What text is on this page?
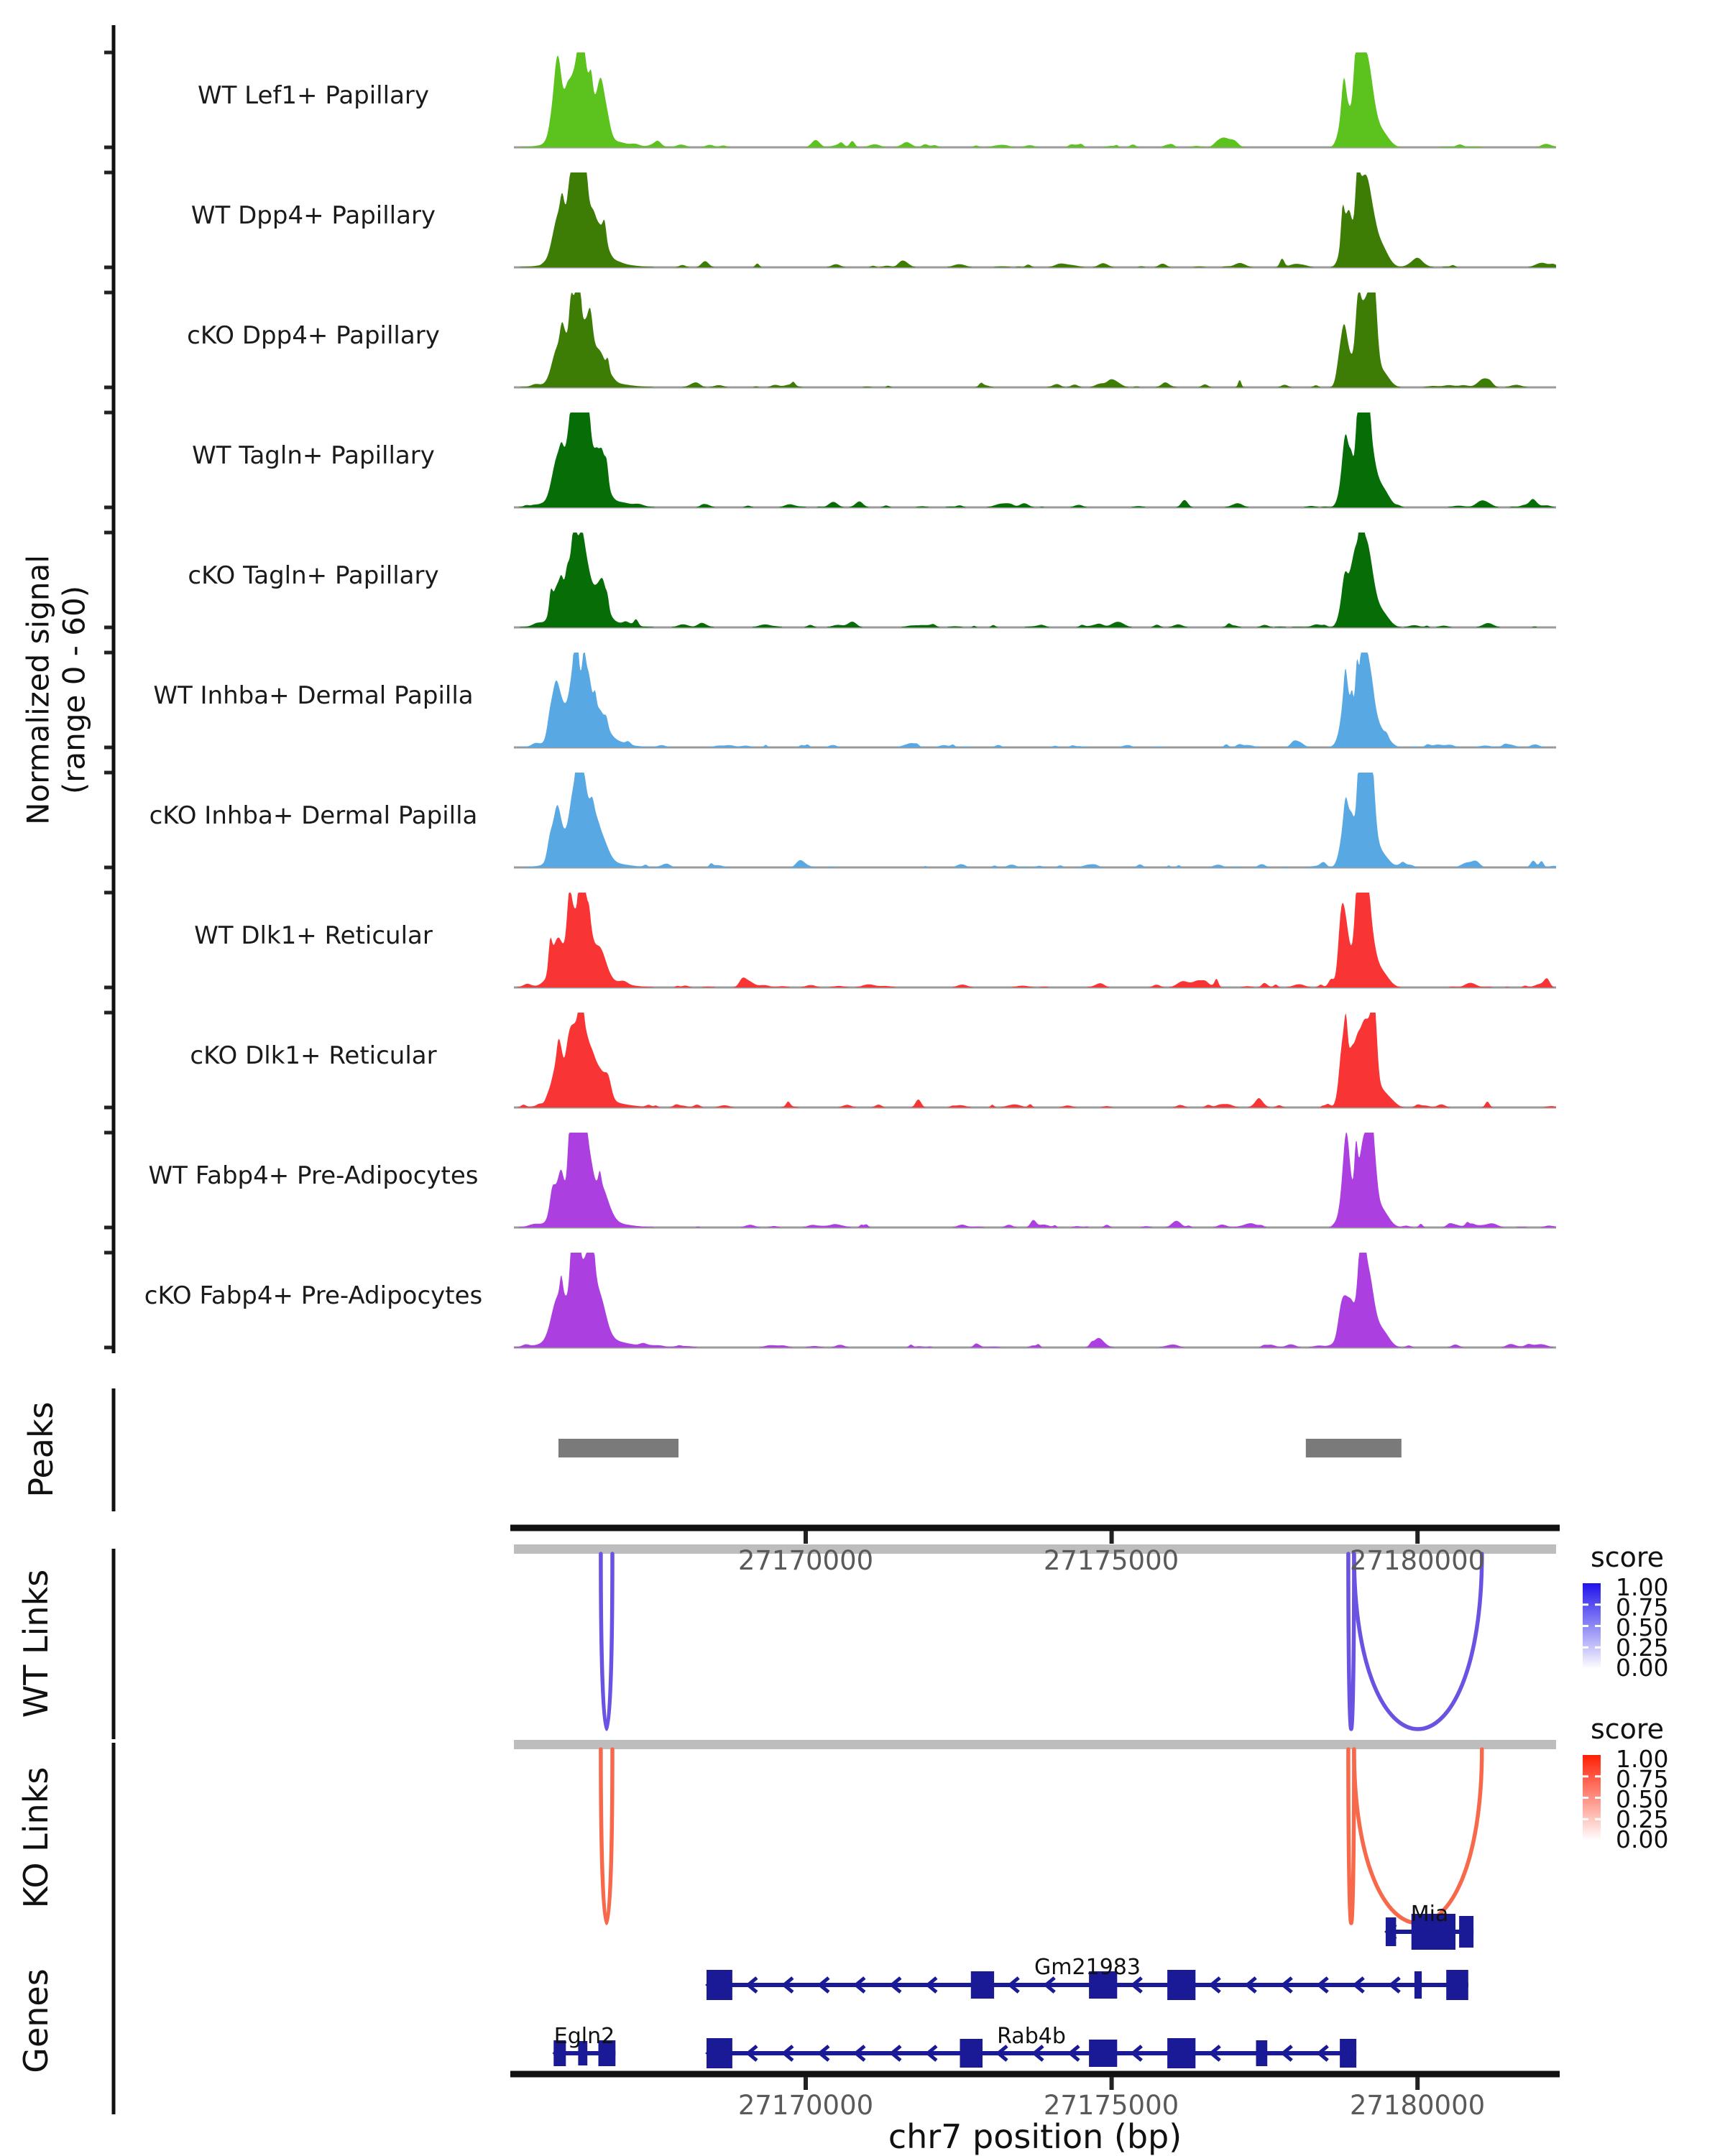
Normalized signal (range 0 - 60)
WT Lef1+ Papillary
WT Dpp4+ Papillary
cKO Dpp4+ Papillary
WT Tagln+ Papillary
cKO Tagln+ Papillary
WT Inhba+ Dermal Papilla
cKO Inhba+ Dermal Papilla
WT Dlk1+ Reticular
cKO Dlk1+ Reticular
WT Fabp4+ Pre-Adipocytes
cKO Fabp4+ Pre-Adipocytes
Peaks
WT Links
KO Links
Genes
27170000	27175000	27180000	score
1.00
0.75
0.50
0.25
0.00
score
1.00
0.75
0.50
0.25
0.00
Mia
Gm21983
Rab4b
Egln2
27170000	27175000	27180000
chr7 position (bp)
